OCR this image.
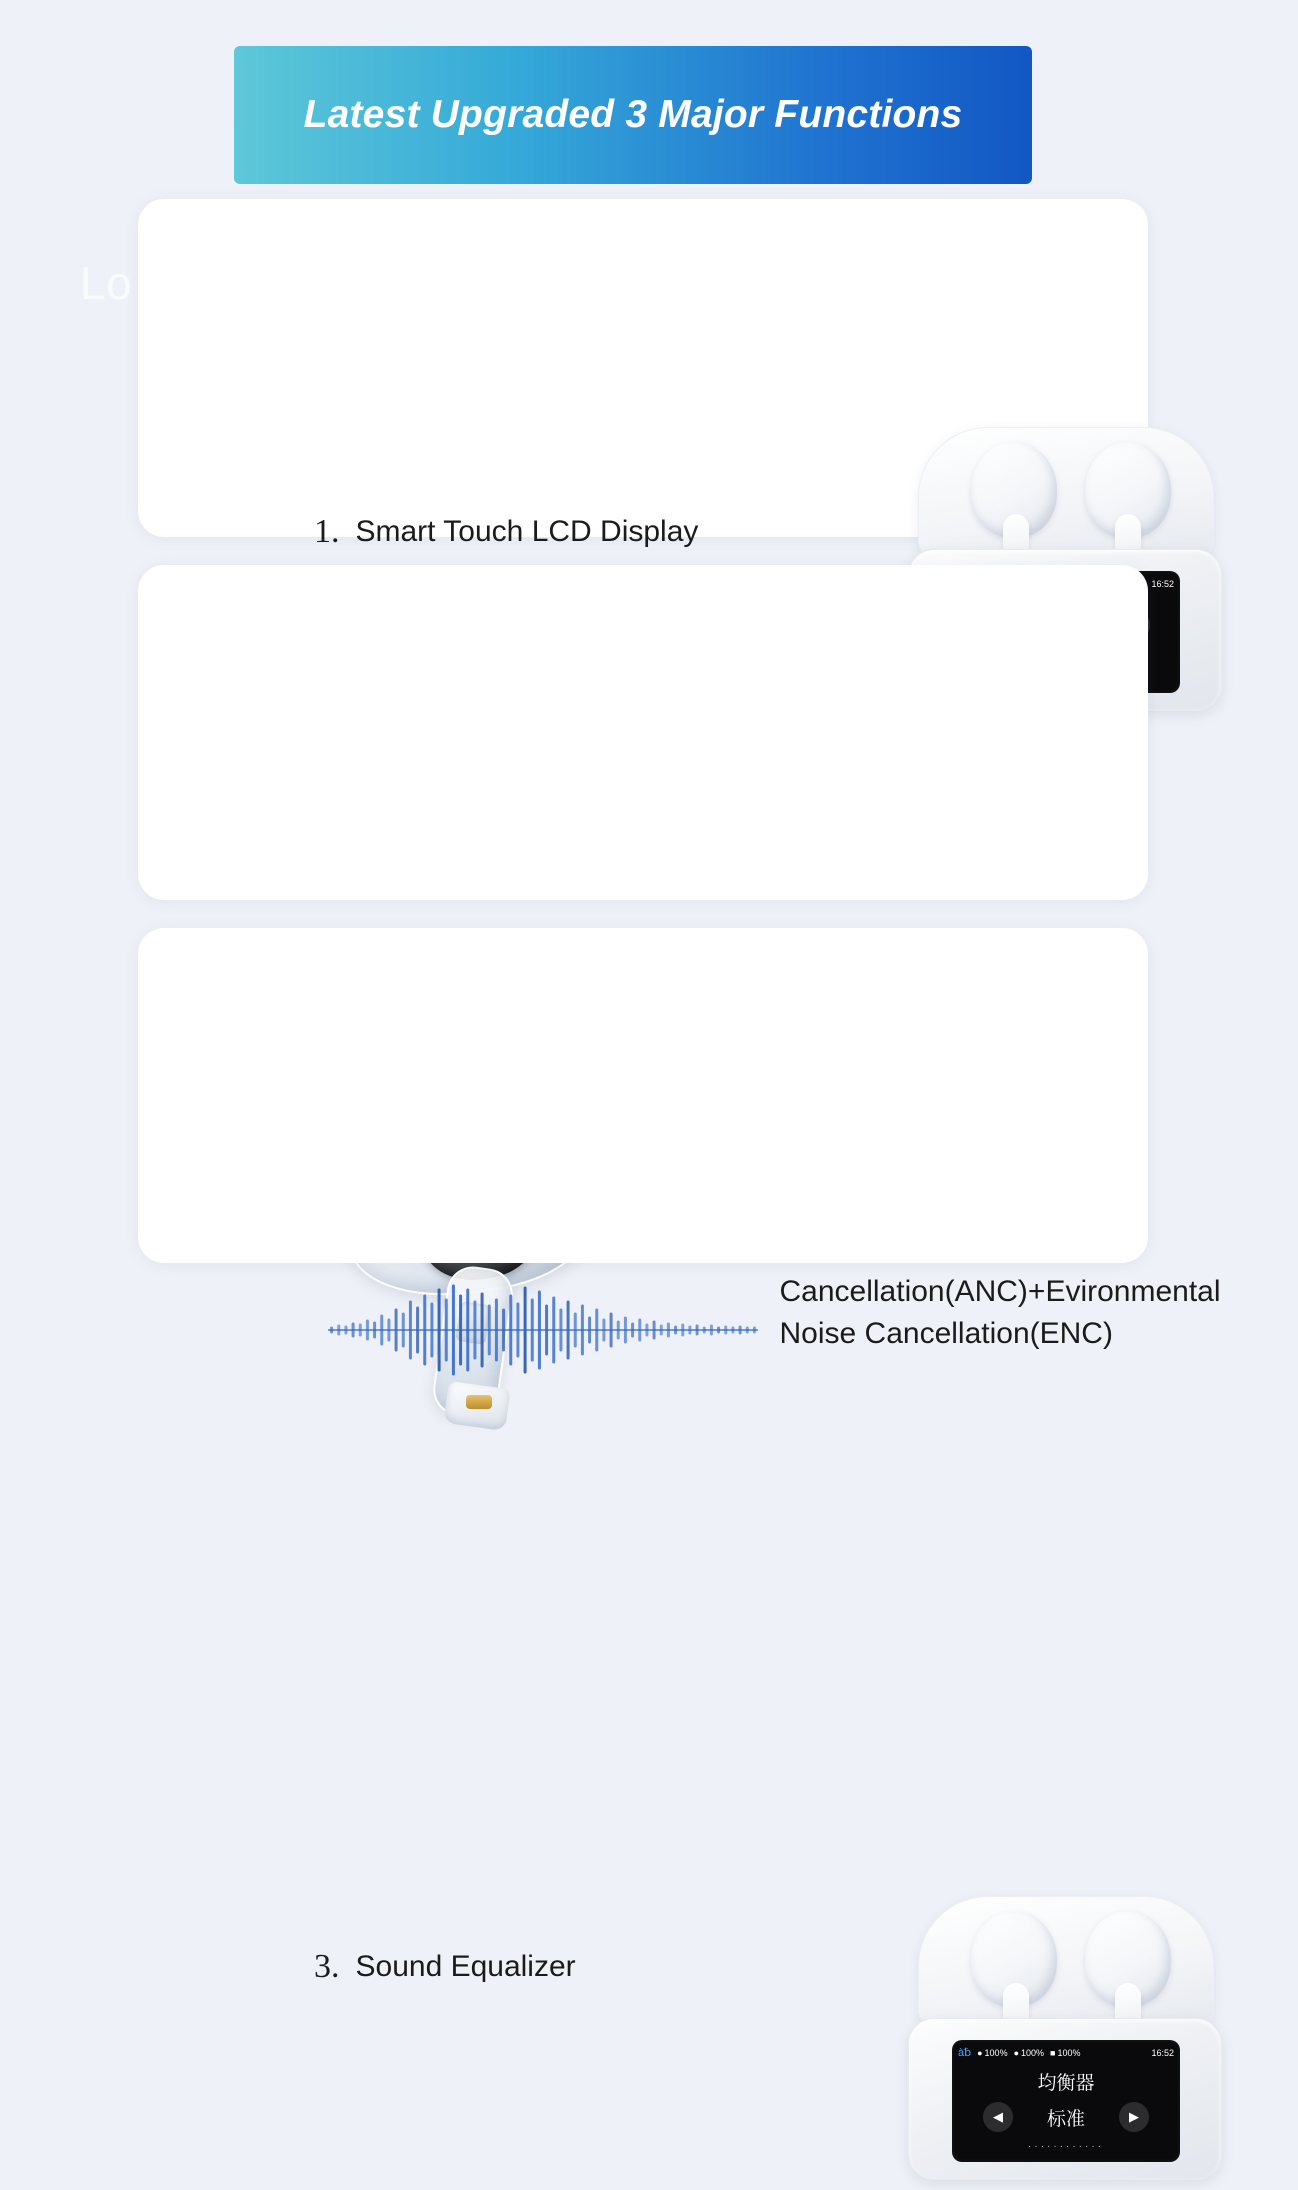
Lo

Latest Upgraded 3 Major Functions
16:52
1. Smart Touch LCD Display
Cancellation(ANC)+Evironmental Noise Cancellation(ENC)
à␢ ● 100% ● 100% ■ 100%	16:52
均衡器
◀	标准	▶
············
3. Sound Equalizer
